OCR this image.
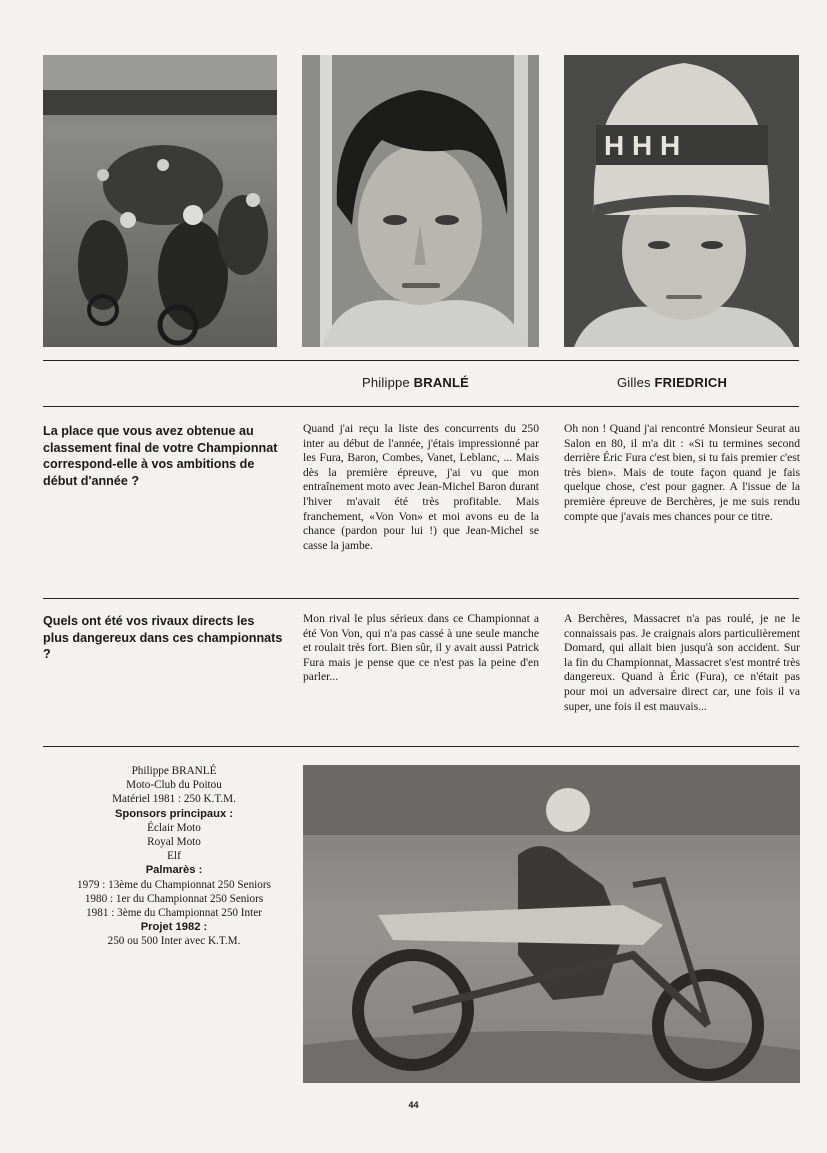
H H H
Philippe BRANLÉ	Gilles FRIEDRICH
La place que vous avez obtenue au classement final de votre Championnat correspond-elle à vos ambitions de début d'année ?
Quand j'ai reçu la liste des concurrents du 250 inter au début de l'année, j'étais impressionné par les Fura, Baron, Combes, Vanet, Leblanc, ... Mais dès la première épreuve, j'ai vu que mon entraînement moto avec Jean-Michel Baron durant l'hiver m'avait été très profitable. Mais franchement, «Von Von» et moi avons eu de la chance (pardon pour lui !) que Jean-Michel se casse la jambe.
Oh non ! Quand j'ai rencontré Monsieur Seurat au Salon en 80, il m'a dit : «Si tu termines second derrière Éric Fura c'est bien, si tu fais premier c'est très bien». Mais de toute façon quand je fais quelque chose, c'est pour gagner. A l'issue de la première épreuve de Berchères, je me suis rendu compte que j'avais mes chances pour ce titre.
Quels ont été vos rivaux directs les plus dangereux dans ces championnats ?
Mon rival le plus sérieux dans ce Championnat a été Von Von, qui n'a pas cassé à une seule manche et roulait très fort. Bien sûr, il y avait aussi Patrick Fura mais je pense que ce n'est pas la peine d'en parler...
A Berchères, Massacret n'a pas roulé, je ne le connaissais pas. Je craignais alors particulièrement Domard, qui allait bien jusqu'à son accident. Sur la fin du Championnat, Massacret s'est montré très dangereux. Quand à Éric (Fura), ce n'était pas pour moi un adversaire direct car, une fois il va super, une fois il est mauvais...
Philippe BRANLÉ
Moto-Club du Poitou
Matériel 1981 : 250 K.T.M.
Sponsors principaux :
Éclair Moto
Royal Moto
Elf
Palmarès :
1979 : 13ème du Championnat 250 Seniors
1980 : 1er du Championnat 250 Seniors
1981 : 3ème du Championnat 250 Inter
Projet 1982 :
250 ou 500 Inter avec K.T.M.
44
